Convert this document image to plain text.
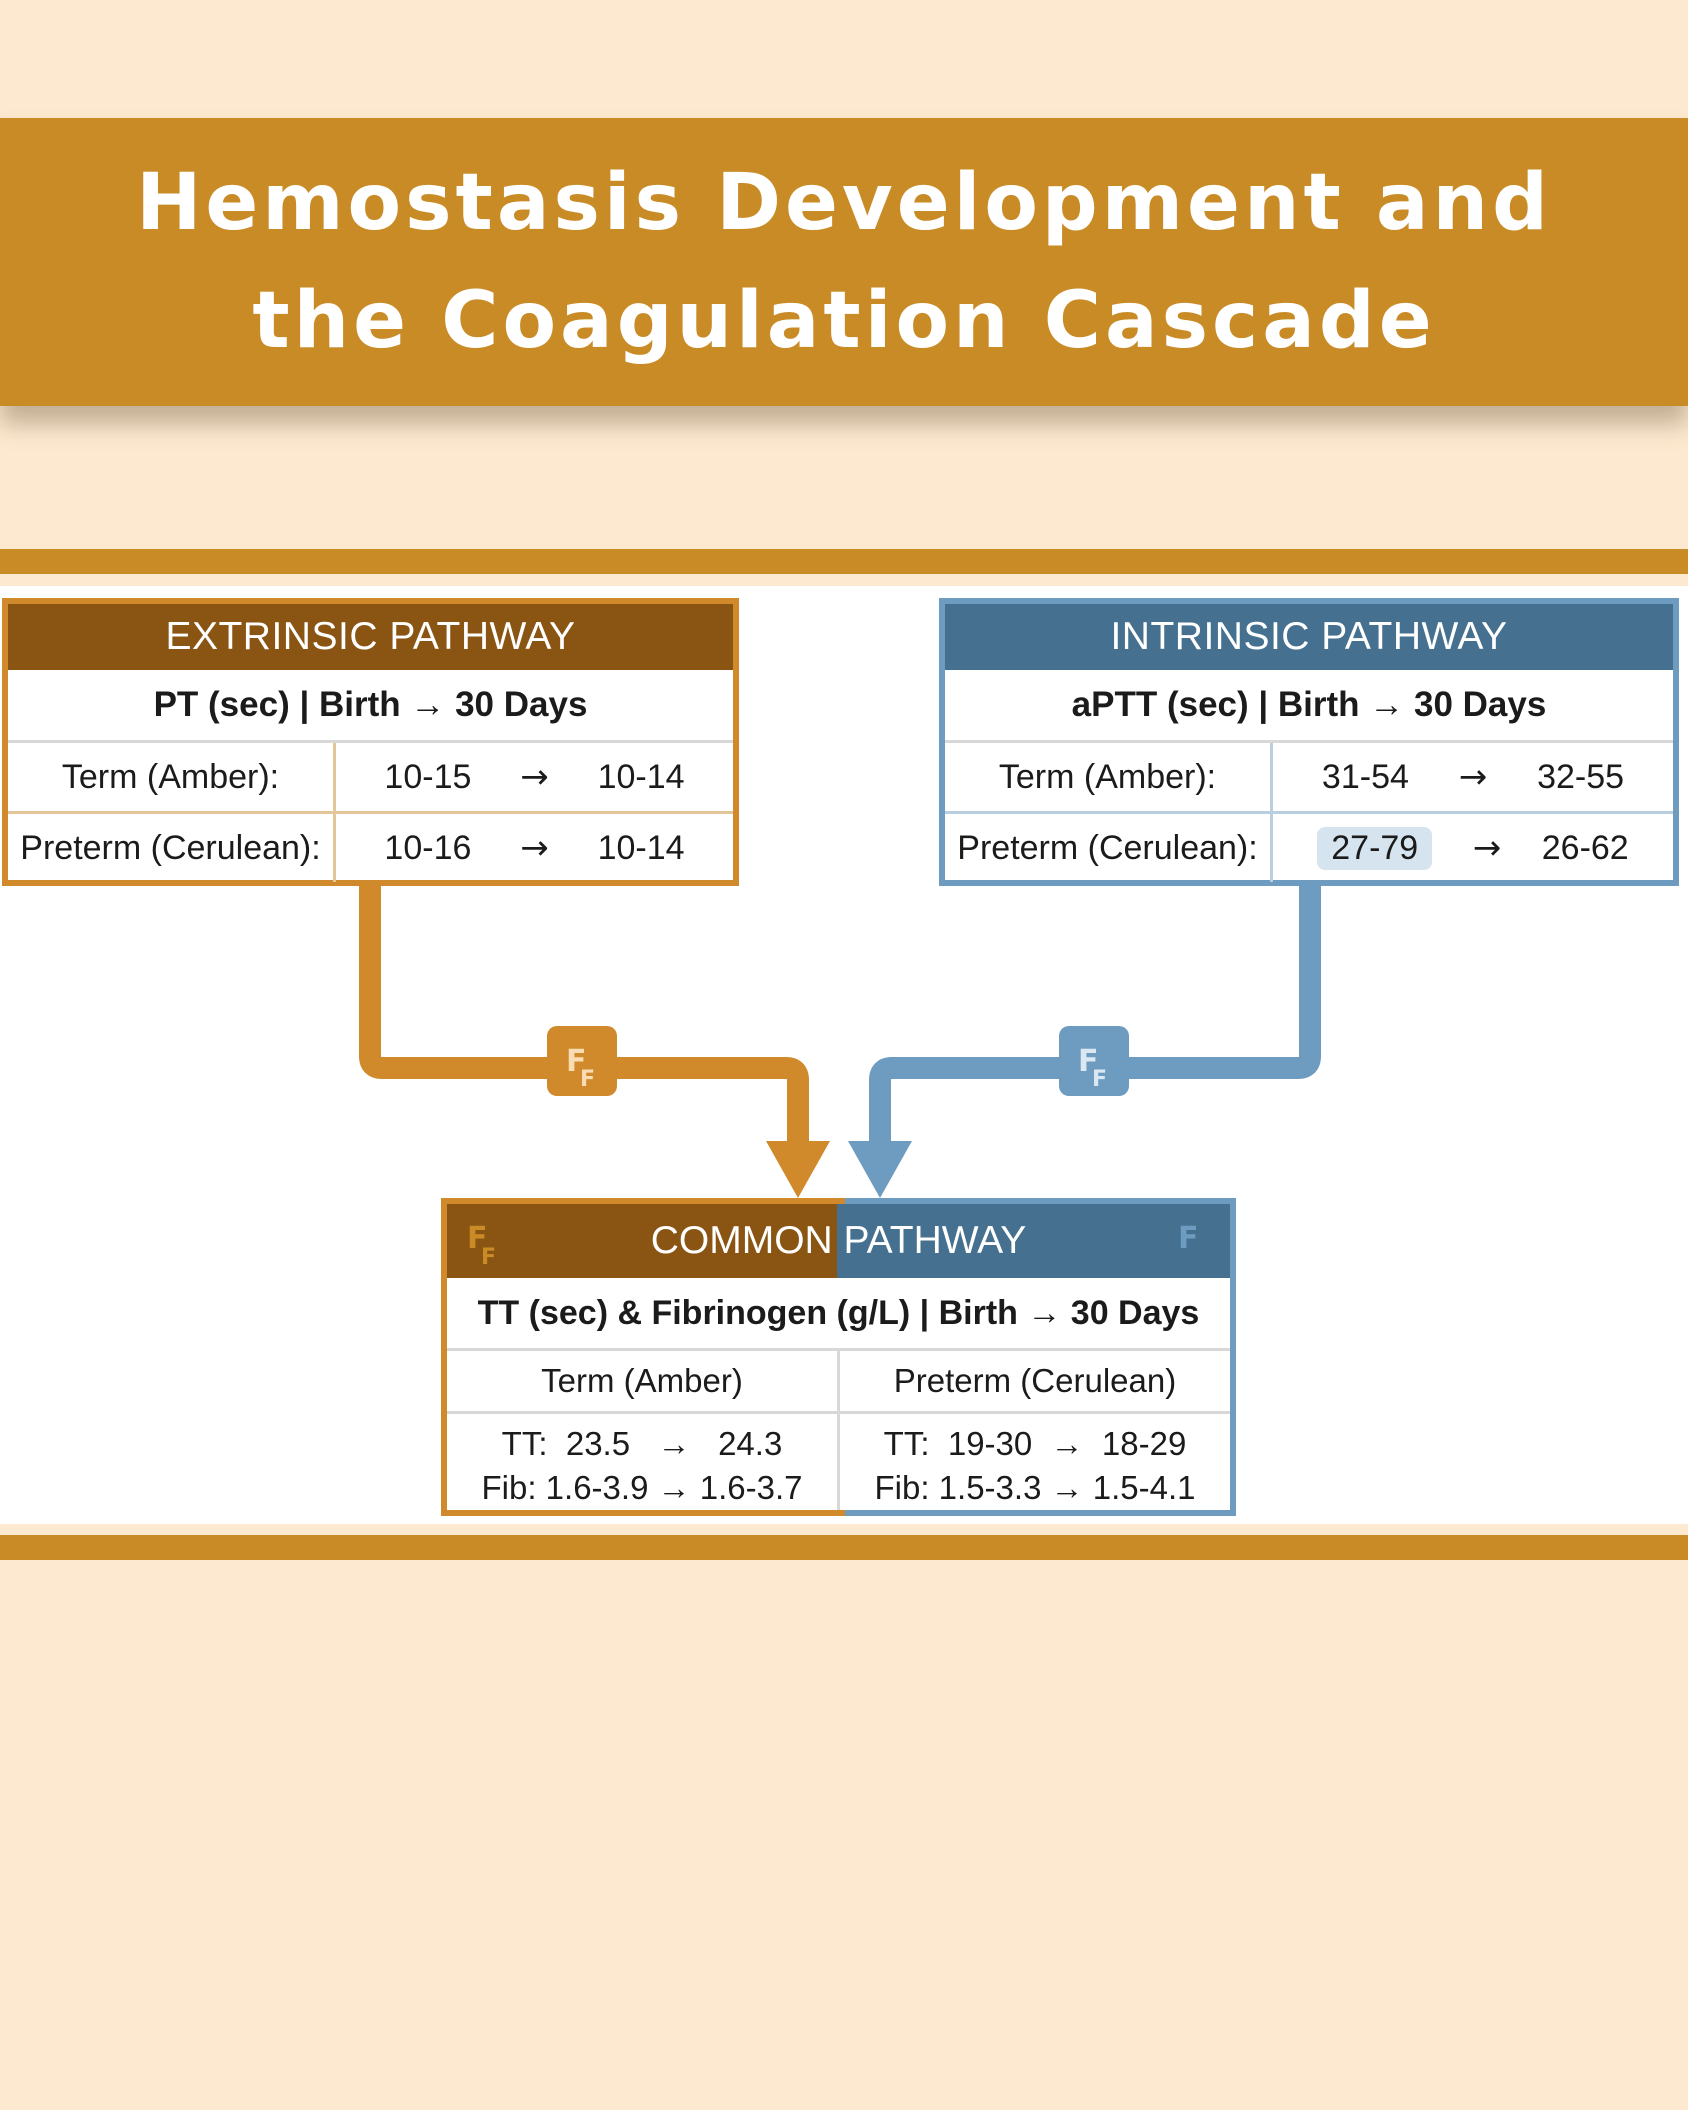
Hemostasis Development and
the Coagulation Cascade
F
F
F
F
EXTRINSIC PATHWAY
PT (sec) | Birth → 30 Days
Term (Amber):	10-15 → 10-14
Preterm (Cerulean):	10-16 → 10-14
INTRINSIC PATHWAY
aPTT (sec) | Birth → 30 Days
Term (Amber):	31-54 → 32-55
Preterm (Cerulean):	27-79	→ 26-62
F
F
F
COMMON PATHWAY
TT (sec) & Fibrinogen (g/L) | Birth → 30 Days
Term (Amber)
TT:  23.5   →   24.3
Fib: 1.6-3.9 → 1.6-3.7
Preterm (Cerulean)
TT:  19-30  →  18-29
Fib: 1.5-3.3 → 1.5-4.1
